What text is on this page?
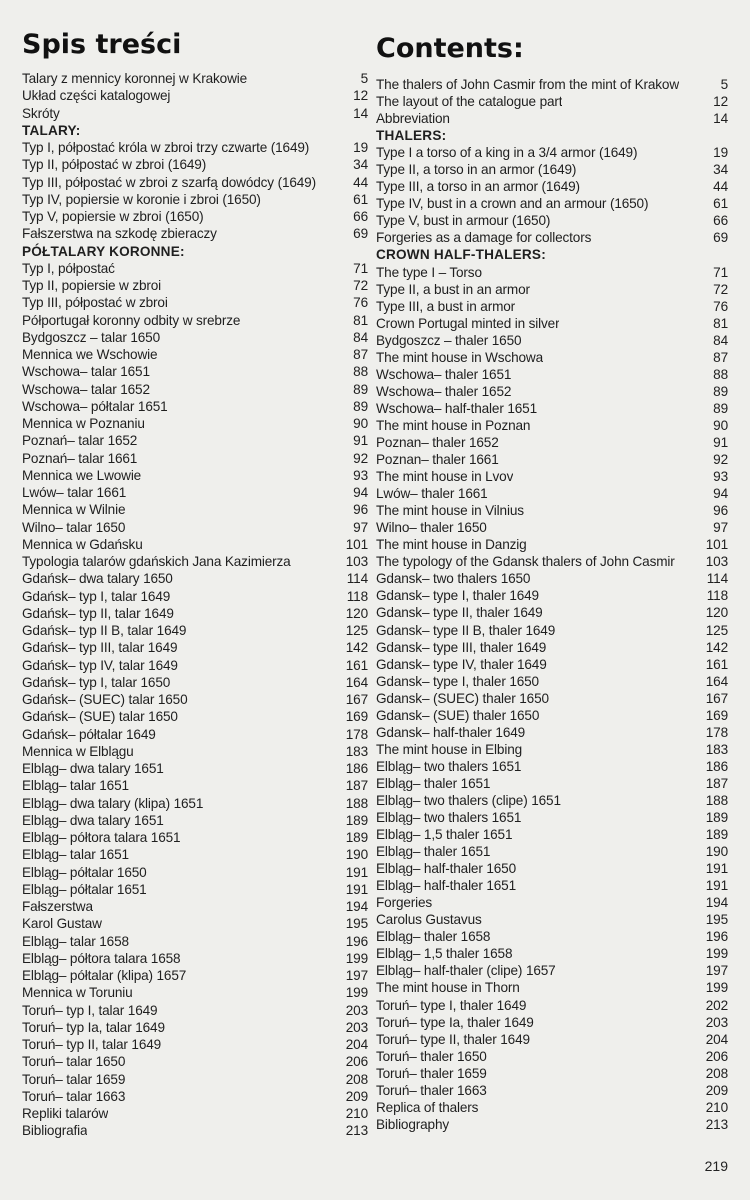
Spis treści
Talary z mennicy koronnej w Krakowie	5
Układ części katalogowej	12
Skróty	14
TALARY:
Typ I, półpostać króla w zbroi trzy czwarte (1649)	19
Typ II, półpostać w zbroi (1649)	34
Typ III, półpostać w zbroi z szarfą dowódcy (1649)	44
Typ IV, popiersie w koronie i zbroi (1650)	61
Typ V, popiersie w zbroi (1650)	66
Fałszerstwa na szkodę zbieraczy	69
PÓŁTALARY KORONNE:
Typ I, półpostać	71
Typ II, popiersie w zbroi	72
Typ III, półpostać w zbroi	76
Półportugał koronny odbity w srebrze	81
Bydgoszcz – talar 1650	84
Mennica we Wschowie	87
Wschowa– talar 1651	88
Wschowa– talar 1652	89
Wschowa– półtalar 1651	89
Mennica w Poznaniu	90
Poznań– talar 1652	91
Poznań– talar 1661	92
Mennica we Lwowie	93
Lwów– talar 1661	94
Mennica w Wilnie	96
Wilno– talar 1650	97
Mennica w Gdańsku	101
Typologia talarów gdańskich Jana Kazimierza	103
Gdańsk– dwa talary 1650	114
Gdańsk– typ I, talar 1649	118
Gdańsk– typ II, talar 1649	120
Gdańsk– typ II B, talar 1649	125
Gdańsk– typ III, talar 1649	142
Gdańsk– typ IV, talar 1649	161
Gdańsk– typ I, talar 1650	164
Gdańsk– (SUEC) talar 1650	167
Gdańsk– (SUE) talar 1650	169
Gdańsk– półtalar 1649	178
Mennica w Elblągu	183
Elbląg– dwa talary 1651	186
Elbląg– talar 1651	187
Elbląg– dwa talary (klipa) 1651	188
Elbląg– dwa talary 1651	189
Elbląg– półtora talara 1651	189
Elbląg– talar 1651	190
Elbląg– półtalar 1650	191
Elbląg– półtalar 1651	191
Fałszerstwa	194
Karol Gustaw	195
Elbląg– talar 1658	196
Elbląg– półtora talara 1658	199
Elbląg– półtalar (klipa) 1657	197
Mennica w Toruniu	199
Toruń– typ I, talar 1649	203
Toruń– typ Ia, talar 1649	203
Toruń– typ II, talar 1649	204
Toruń– talar 1650	206
Toruń– talar 1659	208
Toruń– talar 1663	209
Repliki talarów	210
Bibliografia	213
Contents:
The thalers of John Casmir from the mint of Krakow	5
The layout of the catalogue part	12
Abbreviation	14
THALERS:
Type I a torso of a king in a 3/4 armor (1649)	19
Type II, a torso in an armor (1649)	34
Type III, a torso in an armor (1649)	44
Type IV, bust in a crown and an armour (1650)	61
Type V, bust in armour (1650)	66
Forgeries as a damage for collectors	69
CROWN HALF-THALERS:
The type I – Torso	71
Type II, a bust in an armor	72
Type III, a bust in armor	76
Crown Portugal minted in silver	81
Bydgoszcz – thaler 1650	84
The mint house in Wschowa	87
Wschowa– thaler 1651	88
Wschowa– thaler 1652	89
Wschowa– half-thaler 1651	89
The mint house in Poznan	90
Poznan– thaler 1652	91
Poznan– thaler 1661	92
The mint house in Lvov	93
Lwów– thaler 1661	94
The mint house in Vilnius	96
Wilno– thaler 1650	97
The mint house in Danzig	101
The typology of the Gdansk thalers of John Casmir	103
Gdansk– two thalers 1650	114
Gdansk– type I, thaler 1649	118
Gdansk– type II, thaler 1649	120
Gdansk– type II B, thaler 1649	125
Gdansk– type III, thaler 1649	142
Gdansk– type IV, thaler 1649	161
Gdansk– type I, thaler 1650	164
Gdansk– (SUEC) thaler 1650	167
Gdansk– (SUE) thaler 1650	169
Gdansk– half-thaler 1649	178
The mint house in Elbing	183
Elbląg– two thalers 1651	186
Elbląg– thaler 1651	187
Elbląg– two thalers (clipe) 1651	188
Elbląg– two thalers 1651	189
Elbląg– 1,5 thaler 1651	189
Elbląg– thaler 1651	190
Elbląg– half-thaler 1650	191
Elbląg– half-thaler 1651	191
Forgeries	194
Carolus Gustavus	195
Elbląg– thaler 1658	196
Elbląg– 1,5 thaler 1658	199
Elbląg– half-thaler (clipe) 1657	197
The mint house in Thorn	199
Toruń– type I, thaler 1649	202
Toruń– type Ia, thaler 1649	203
Toruń– type II, thaler 1649	204
Toruń– thaler 1650	206
Toruń– thaler 1659	208
Toruń– thaler 1663	209
Replica of thalers	210
Bibliography	213
219
